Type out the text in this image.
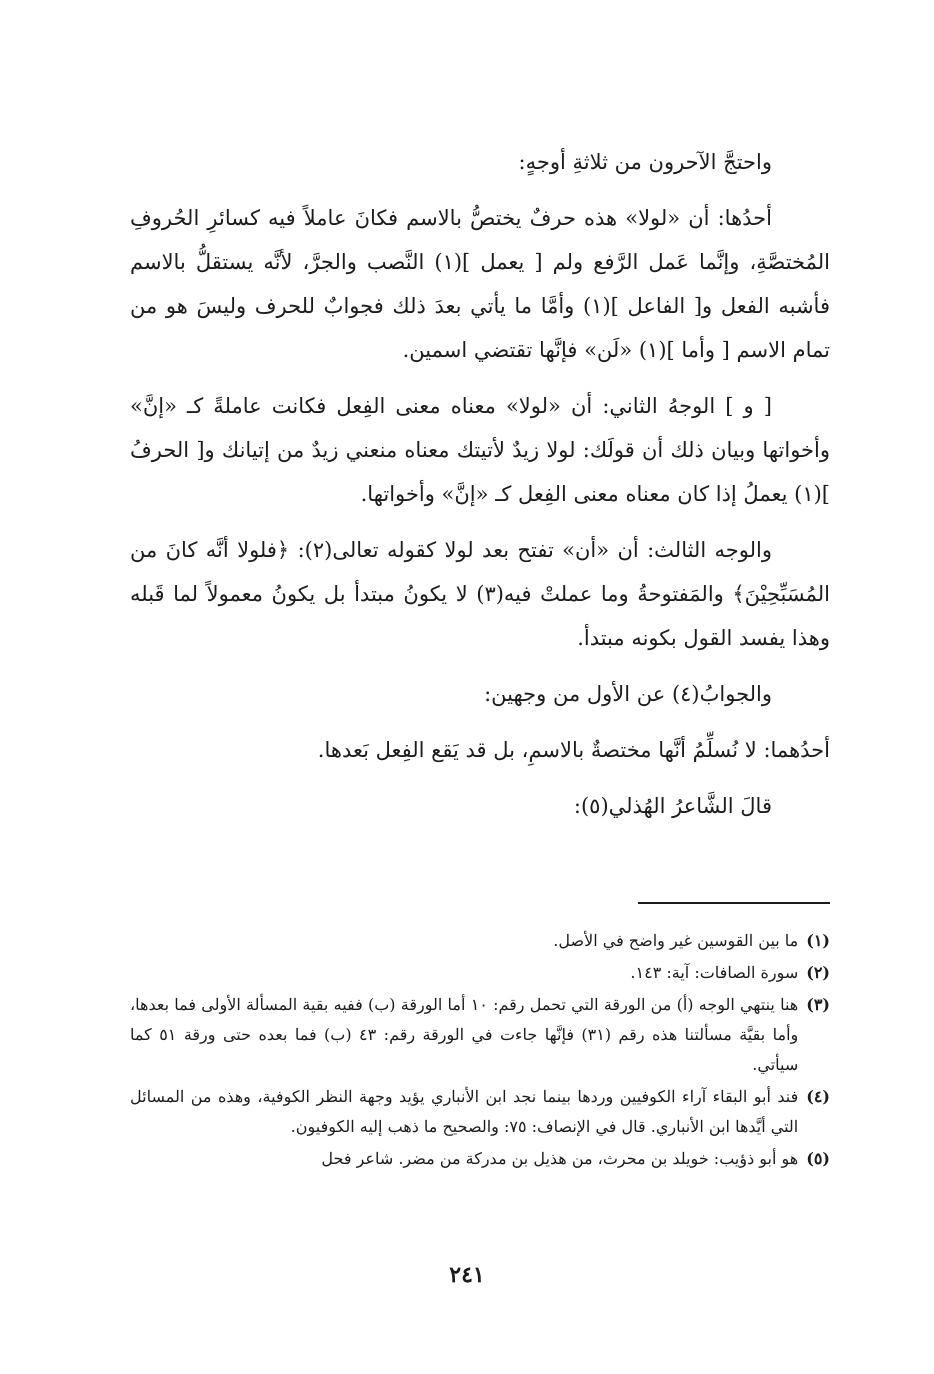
واحتجَّ الآحرون من ثلاثةِ أوجهٍ:

أحدُها: أن «لولا» هذه حرفٌ يختصُّ بالاسم فكانَ عاملاً فيه كسائرِ الحُروفِ المُختصَّةِ، وإنَّما عَمل الرَّفع ولم [ يعمل ](١) النَّصب والجرَّ، لأنَّه يستقلُّ بالاسم فأشبه الفعل و[ الفاعل ](١) وأمَّا ما يأتي بعدَ ذلك فجوابٌ للحرف وليسَ هو من تمام الاسم [ وأما ](١) «لَن» فإنَّها تقتضي اسمين.

[ و ] الوجهُ الثاني: أن «لولا» معناه معنى الفِعل فكانت عاملةً كـ «إنَّ» وأخواتها وبيان ذلك أن قولَك: لولا زيدٌ لأتيتك معناه منعني زيدٌ من إتيانك و[ الحرفُ ](١) يعملُ إذا كان معناه معنى الفِعل كـ «إنَّ» وأخواتها.

والوجه الثالث: أن «أن» تفتح بعد لولا كقوله تعالى(٢): ﴿فلولا أنَّه كانَ من المُسَبِّحِيْنَ﴾ والمَفتوحةُ وما عملتْ فيه(٣) لا يكونُ مبتدأ بل يكونُ معمولاً لما قَبله وهذا يفسد القول بكونه مبتدأ.

والجوابُ(٤) عن الأول من وجهين:

أحدُهما: لا نُسلِّمُ أنَّها مختصةٌ بالاسمِ، بل قد يَقع الفِعل بَعدها.

قالَ الشَّاعرُ الهُذلي(٥):

(١)
ما بين القوسين غير واضح في الأصل.
(٢)
سورة الصافات: آية: ١٤٣.
(٣)
هنا ينتهي الوجه (أ) من الورقة التي تحمل رقم: ١٠ أما الورقة (ب) ففيه بقية المسألة الأولى فما بعدها، وأما بقيَّة مسألتنا هذه رقم (٣١) فإنَّها جاءت في الورقة رقم: ٤٣ (ب) فما بعده حتى ورقة ٥١ كما سيأتي.
(٤)
فند أبو البقاء آراء الكوفيين وردها بينما نجد ابن الأنباري يؤيد وجهة النظر الكوفية، وهذه من المسائل التي أيَّدها ابن الأنباري. قال في الإنصاف: ٧٥: والصحيح ما ذهب إليه الكوفيون.
(٥)
هو أبو ذؤيب: خويلد بن محرث، من هذيل بن مدركة من مضر. شاعر فحل
٢٤١
